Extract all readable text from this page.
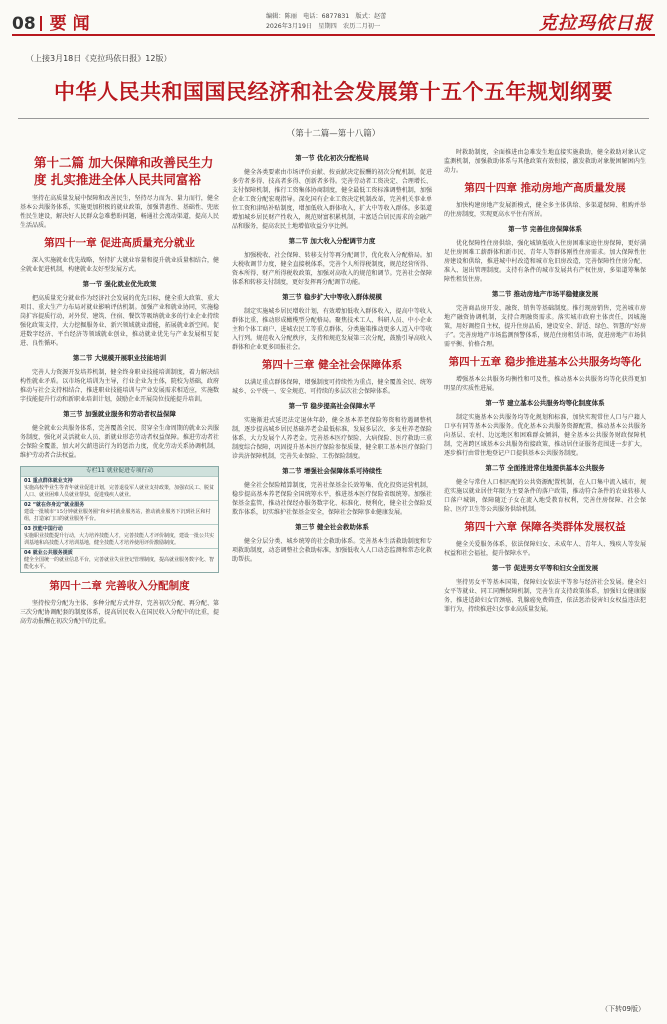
08 要 闻	编辑：陈丽　电话：6877831　版式：赵蕾
2026年3月19日　星期四　农历二月初一	克拉玛依日报
（上接3月18日《克拉玛依日报》12版）
中华人民共和国国民经济和社会发展第十五个五年规划纲要
（第十二篇—第十八篇）
第十二篇 加大保障和改善民生力度 扎实推进全体人民共同富裕

坚持在高质量发展中保障和改善民生，坚持尽力而为、量力而行，健全基本公共服务体系，实施更加积极的就业政策，加强普惠性、基础性、兜底性民生建设，解决好人民群众急难愁盼问题，畅通社会流动渠道，提高人民生活品质。

第四十一章 促进高质量充分就业

深入实施就业优先战略，坚持扩大就业容量和提升就业质量相结合，健全就业促进机制，构建就业友好型发展方式。

第一节 强化就业优先政策

把高质量充分就业作为经济社会发展的优先目标，健全重大政策、重大项目、重大生产力布局对就业影响评估机制。加强产业和就业协同，实施稳岗扩容提质行动，对外贸、建筑、住宿、餐饮等吸纳就业多的行业企业持续强化政策支持，大力挖掘服务业、新兴领域就业潜能，拓展就业新空间。促进数字经济、平台经济等领域就业创业，推动就业优先与产业发展相互促进、良性循环。

第二节 大规模开展职业技能培训

完善人力资源开发培养机制，健全终身职业技能培训制度，着力解决结构性就业矛盾。以市场化培训为主导，行业企业为主体，院校为基础，政府推动与社会支持相结合，推进职业技能培训与产业发展需求相适应，实施数字技能提升行动和新职业培训计划，鼓励企业开展岗位技能提升培训。

第三节 加强就业服务和劳动者权益保障

健全就业公共服务体系，完善覆盖全民、贯穿全生命周期的就业公共服务制度，强化对灵活就业人员、新就业形态劳动者权益保障。推进劳动者社会保险全覆盖，加大对欠薪违法行为的惩治力度，优化劳动关系协调机制，维护劳动者合法权益。

专栏11 就业促进专项行动
01 重点群体就业支持
实施高校毕业生等青年就业促进计划，完善退役军人就业支持政策，加强农民工、脱贫人口、就业困难人员就业帮扶，促进残疾人就业。
02 “就在你身边”就业服务
建设一批城市“15分钟就业服务圈”和乡村就业服务站，推动就业服务下沉到社区和村组，打造家门口的就业服务平台。
03 技能中国行动
实施职业技能提升行动，大力培养技能人才，完善技能人才评价制度，建设一批公共实训基地和高技能人才培训基地，健全技能人才培养使用评价激励制度。
04 就业公共服务提质
健全全国统一的就业信息平台，完善就业失业登记管理制度，提高就业服务数字化、智能化水平。
第四十二章 完善收入分配制度

坚持按劳分配为主体、多种分配方式并存，完善初次分配、再分配、第三次分配协调配套的制度体系，提高居民收入在国民收入分配中的比重，提高劳动报酬在初次分配中的比重。

第一节 优化初次分配格局

健全各类要素由市场评价贡献、按贡献决定报酬的初次分配机制，促进多劳者多得、技高者多得、创新者多得。完善劳动者工资决定、合理增长、支付保障机制，推行工资集体协商制度，健全最低工资标准调整机制，加强企业工资分配宏观指导。深化国有企业工资决定机制改革，完善机关事业单位工资和津贴补贴制度，增加低收入群体收入，扩大中等收入群体。多渠道增加城乡居民财产性收入，规范财富积累机制，丰富适合居民需求的金融产品和服务，提高农民土地增值收益分享比例。

第二节 加大收入分配调节力度

加强税收、社会保障、转移支付等再分配调节，优化收入分配格局。加大税收调节力度，健全直接税体系，完善个人所得税制度，规范经营所得、资本所得、财产所得税收政策，加强对高收入的规范和调节。完善社会保障体系和转移支付制度，更好发挥再分配调节功能。

第三节 稳步扩大中等收入群体规模

制定实施城乡居民增收计划，有效增加低收入群体收入，提高中等收入群体比重，推动形成橄榄型分配格局。聚焦技术工人、科研人员、中小企业主和个体工商户、进城农民工等重点群体，分类施策推动更多人迈入中等收入行列。规范收入分配秩序，支持和规范发展第三次分配，鼓励引导高收入群体和企业更多回报社会。

第四十三章 健全社会保障体系

以满足重点群体保障，增强制度可持续性为重点，健全覆盖全民、统筹城乡、公平统一、安全规范、可持续的多层次社会保障体系。

第一节 稳步提高社会保障水平

实施渐进式延迟法定退休年龄，健全基本养老保险筹资和待遇调整机制，逐步提高城乡居民基础养老金最低标准，发展多层次、多支柱养老保险体系，大力发展个人养老金。完善基本医疗保险、大病保险、医疗救助三重制度综合保障，巩固提升基本医疗保险参保质量，健全职工基本医疗保险门诊共济保障机制，完善失业保险、工伤保险制度。

第二节 增强社会保障体系可持续性

健全社会保险精算制度，完善社保基金长效筹集、优化投资运营机制，稳步提高基本养老保险全国统筹水平，推进基本医疗保险省级统筹。加强社保基金监管，推动社保经办服务数字化、标准化、便利化，健全社会保险反欺诈体系，切实维护社保基金安全，保障社会保障事业健康发展。

第三节 健全社会救助体系

健全分层分类、城乡统筹的社会救助体系。完善基本生活救助制度和专项救助制度，动态调整社会救助标准，加强低收入人口动态监测和常态化救助帮扶。

时救助制度，全面推进由急难发生地直接实施救助，健全救助对象认定监测机制，加强救助体系与其他政策有效衔接，激发救助对象脱困解困内生动力。

第四十四章 推动房地产高质量发展

加快构建房地产发展新模式，健全多主体供给、多渠道保障、租购并举的住房制度，实现更高水平住有所居。

第一节 完善住房保障体系

优化保障性住房供给，强化城镇低收入住房困难家庭住房保障，更好满足住房困难工薪群体和新市民、青年人等群体刚性住房需求。加大保障性住房建设和供给，推进城中村改造和城市危旧房改造，完善保障性住房分配、准入、退出管理制度。支持有条件的城市发展共有产权住房，多渠道筹集保障性租赁住房。

第二节 推动房地产市场平稳健康发展

完善商品房开发、融资、销售等基础制度。推行现房销售，完善城市房地产融资协调机制，支持合理融资需求。落实城市政府主体责任，因城施策，用好调控自主权，提升住房品质，建设安全、舒适、绿色、智慧的“好房子”。完善房地产市场监测预警体系，规范住房租赁市场，促进房地产市场供需平衡、价格合理。

第四十五章 稳步推进基本公共服务均等化

增强基本公共服务均衡性和可及性，推动基本公共服务均等化获得更加明显的实质性进展。

第一节 建立基本公共服务均等化制度体系

制定实施基本公共服务均等化规划和标准，加快实现常住人口与户籍人口享有同等基本公共服务。优化基本公共服务资源配置，推动基本公共服务向基层、农村、边远地区和困难群众倾斜，健全基本公共服务财政保障机制，完善跨区域基本公共服务衔接政策，推动居住证服务范围进一步扩大，逐步推行由常住地登记户口提供基本公共服务制度。

第二节 全面推进常住地提供基本公共服务

健全与常住人口相匹配的公共资源配置机制，在人口集中流入城市，规范实施以就业居住年限为主要条件的落户政策，推动符合条件的农业转移人口落户城镇，保障随迁子女在流入地受教育权利，完善住房保障、社会保险、医疗卫生等公共服务供给机制。

第四十六章 保障各类群体发展权益

健全关爱服务体系，依法保障妇女、未成年人、青年人、残疾人等发展权益和社会福祉，提升保障水平。

第一节 促进男女平等和妇女全面发展

坚持男女平等基本国策，保障妇女依法平等参与经济社会发展。健全妇女平等就业、同工同酬保障机制，完善生育支持政策体系，加强妇女健康服务，推进适龄妇女宫颈癌、乳腺癌免费筛查，依法惩治侵害妇女权益违法犯罪行为，持续推进妇女事业高质量发展。

（下转09版）
